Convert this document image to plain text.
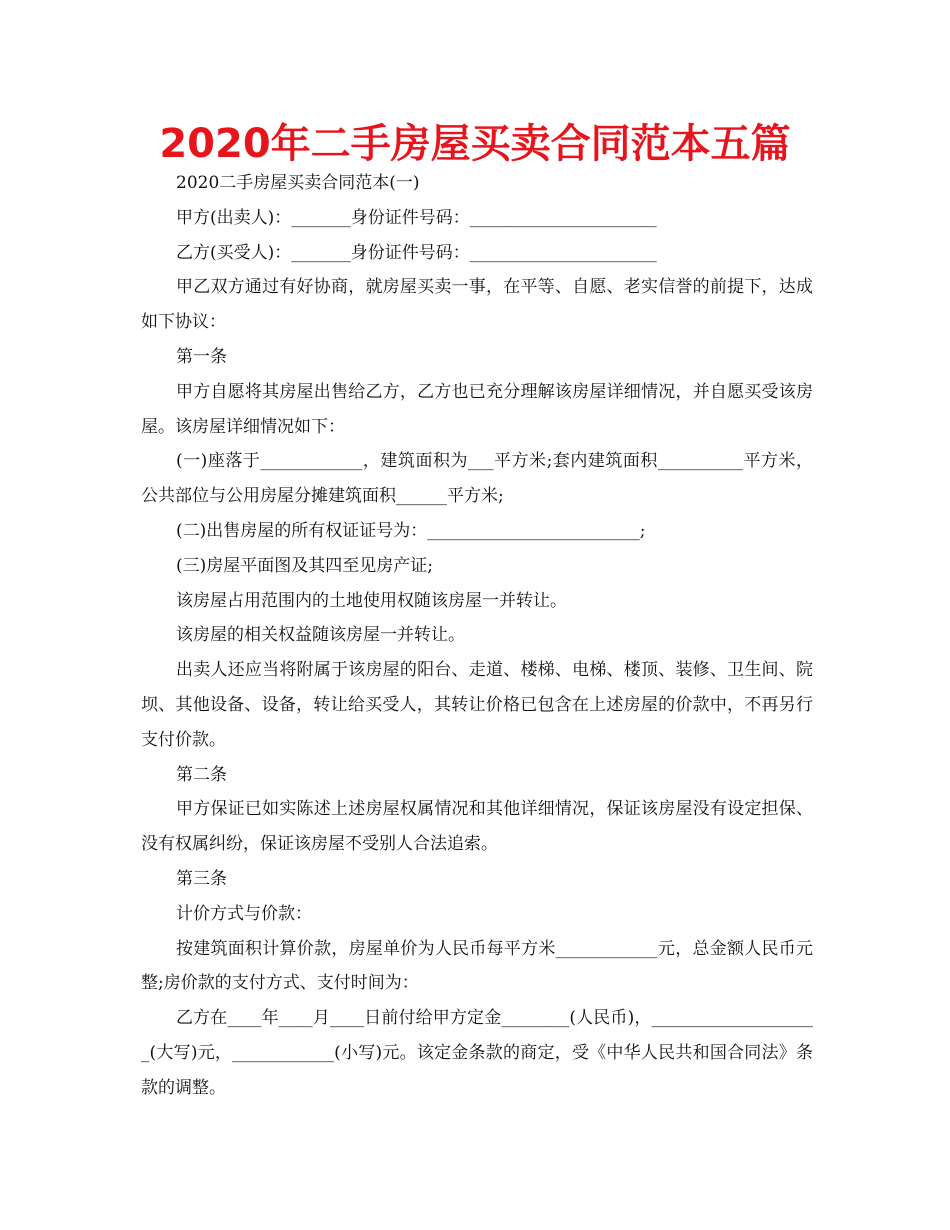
2020年二手房屋买卖合同范本五篇

2020二手房屋买卖合同范本(一)

甲方(出卖人)：_______身份证件号码：______________________

乙方(买受人)：_______身份证件号码：______________________

甲乙双方通过有好协商，就房屋买卖一事，在平等、自愿、老实信誉的前提下，达成如下协议：

第一条

甲方自愿将其房屋出售给乙方，乙方也已充分理解该房屋详细情况，并自愿买受该房屋。该房屋详细情况如下：

(一)座落于____________，建筑面积为___平方米;套内建筑面积__________平方米，公共部位与公用房屋分摊建筑面积______平方米;

(二)出售房屋的所有权证证号为：_________________________;

(三)房屋平面图及其四至见房产证;

该房屋占用范围内的土地使用权随该房屋一并转让。

该房屋的相关权益随该房屋一并转让。

出卖人还应当将附属于该房屋的阳台、走道、楼梯、电梯、楼顶、装修、卫生间、院坝、其他设备、设备，转让给买受人，其转让价格已包含在上述房屋的价款中，不再另行支付价款。

第二条

甲方保证已如实陈述上述房屋权属情况和其他详细情况，保证该房屋没有设定担保、没有权属纠纷，保证该房屋不受别人合法追索。

第三条

计价方式与价款：

按建筑面积计算价款，房屋单价为人民币每平方米____________元，总金额人民币元整;房价款的支付方式、支付时间为：

乙方在____年____月____日前付给甲方定金________(人民币)，____________________(大写)元，____________(小写)元。该定金条款的商定，受《中华人民共和国合同法》条款的调整。
